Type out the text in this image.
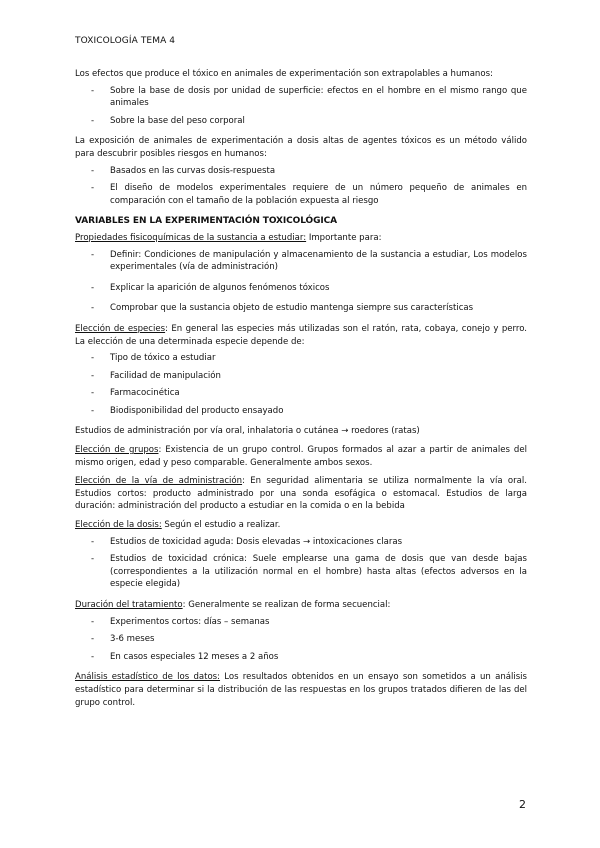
TOXICOLOGÍA TEMA 4

Los efectos que produce el tóxico en animales de experimentación son extrapolables a humanos:

- Sobre la base de dosis por unidad de superficie: efectos en el hombre en el mismo rango que animales
- Sobre la base del peso corporal

La exposición de animales de experimentación a dosis altas de agentes tóxicos es un método válido para descubrir posibles riesgos en humanos:

- Basados en las curvas dosis-respuesta
- El diseño de modelos experimentales requiere de un número pequeño de animales en comparación con el tamaño de la población expuesta al riesgo
VARIABLES EN LA EXPERIMENTACIÓN TOXICOLÓGICA

Propiedades fisicoquímicas de la sustancia a estudiar: Importante para:

- Definir: Condiciones de manipulación y almacenamiento de la sustancia a estudiar, Los modelos experimentales (vía de administración)
- Explicar la aparición de algunos fenómenos tóxicos
- Comprobar que la sustancia objeto de estudio mantenga siempre sus características

Elección de especies: En general las especies más utilizadas son el ratón, rata, cobaya, conejo y perro. La elección de una determinada especie depende de:

- Tipo de tóxico a estudiar
- Facilidad de manipulación
- Farmacocinética
- Biodisponibilidad del producto ensayado

Estudios de administración por vía oral, inhalatoria o cutánea → roedores (ratas)

Elección de grupos: Existencia de un grupo control. Grupos formados al azar a partir de animales del mismo origen, edad y peso comparable. Generalmente ambos sexos.

Elección de la vía de administración: En seguridad alimentaria se utiliza normalmente la vía oral. Estudios cortos: producto administrado por una sonda esofágica o estomacal. Estudios de larga duración: administración del producto a estudiar en la comida o en la bebida

Elección de la dosis: Según el estudio a realizar.

- Estudios de toxicidad aguda: Dosis elevadas → intoxicaciones claras
- Estudios de toxicidad crónica: Suele emplearse una gama de dosis que van desde bajas (correspondientes a la utilización normal en el hombre) hasta altas (efectos adversos en la especie elegida)

Duración del tratamiento: Generalmente se realizan de forma secuencial:

- Experimentos cortos: días – semanas
- 3-6 meses
- En casos especiales 12 meses a 2 años

Análisis estadístico de los datos: Los resultados obtenidos en un ensayo son sometidos a un análisis estadístico para determinar si la distribución de las respuestas en los grupos tratados difieren de las del grupo control.

2
